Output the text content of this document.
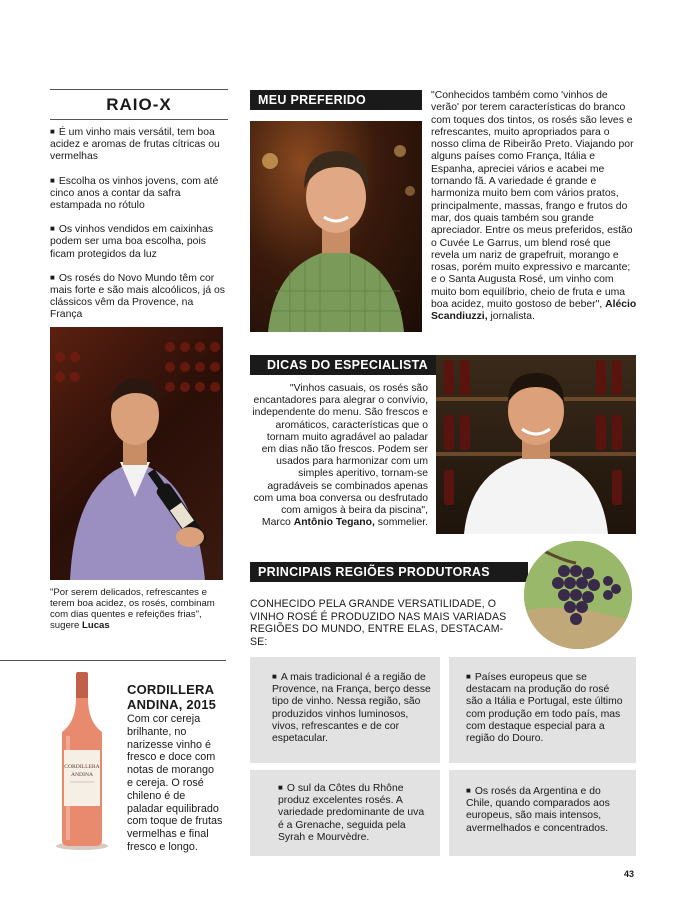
RAIO-X

■ É um vinho mais versátil, tem boa acidez e aromas de frutas cítricas ou vermelhas

■ Escolha os vinhos jovens, com até cinco anos a contar da safra estampada no rótulo

■ Os vinhos vendidos em caixinhas podem ser uma boa escolha, pois ficam protegidos da luz

■ Os rosés do Novo Mundo têm cor mais forte e são mais alcoólicos, já os clássicos vêm da Provence, na França

"Por serem delicados, refrescantes e terem boa acidez, os rosés, combinam com dias quentes e refeições frias", sugere Lucas
CORDILLERA
ANDINA
CORDILLERA
ANDINA, 2015
Com cor cereja brilhante, no narizesse vinho é fresco e doce com notas de morango e cereja. O rosé chileno é de paladar equilibrado com toque de frutas vermelhas e final fresco e longo.
MEU PREFERIDO	"Conhecidos também como 'vinhos de verão' por terem características do branco com toques dos tintos, os rosés são leves e refrescantes, muito apropriados para o nosso clima de Ribeirão Preto. Viajando por alguns países como França, Itália e Espanha, apreciei vários e acabei me tornando fã. A variedade é grande e harmoniza muito bem com vários pratos, principalmente, massas, frango e frutos do mar, dos quais também sou grande apreciador. Entre os meus preferidos, estão o Cuvée Le Garrus, um blend rosé que revela um nariz de grapefruit, morango e rosas, porém muito expressivo e marcante; e o Santa Augusta Rosé, um vinho com muito bom equilíbrio, cheio de fruta e uma boa acidez, muito gostoso de beber", Alécio Scandiuzzi, jornalista.
DICAS DO ESPECIALISTA
"Vinhos casuais, os rosés são encantadores para alegrar o convívio, independente do menu. São frescos e aromáticos, características que o tornam muito agradável ao paladar em dias não tão frescos. Podem ser usados para harmonizar com um simples aperitivo, tornam-se agradáveis se combinados apenas com uma boa conversa ou desfrutado com amigos à beira da piscina", Marco Antônio Tegano, sommelier.
PRINCIPAIS REGIÕES PRODUTORAS
CONHECIDO PELA GRANDE VERSATILIDADE, O VINHO ROSÉ É PRODUZIDO NAS MAIS VARIADAS REGIÕES DO MUNDO, ENTRE ELAS, DESTACAM-SE:
■ A mais tradicional é a região de Provence, na França, berço desse tipo de vinho. Nessa região, são produzidos vinhos luminosos, vivos, refrescantes e de cor espetacular.
■ Países europeus que se destacam na produção do rosé são a Itália e Portugal, este último com produção em todo país, mas com destaque especial para a região do Douro.
■ O sul da Côtes du Rhône produz excelentes rosés. A variedade predominante de uva é a Grenache, seguida pela Syrah e Mourvèdre.
■ Os rosés da Argentina e do Chile, quando comparados aos europeus, são mais intensos, avermelhados e concentrados.
43
